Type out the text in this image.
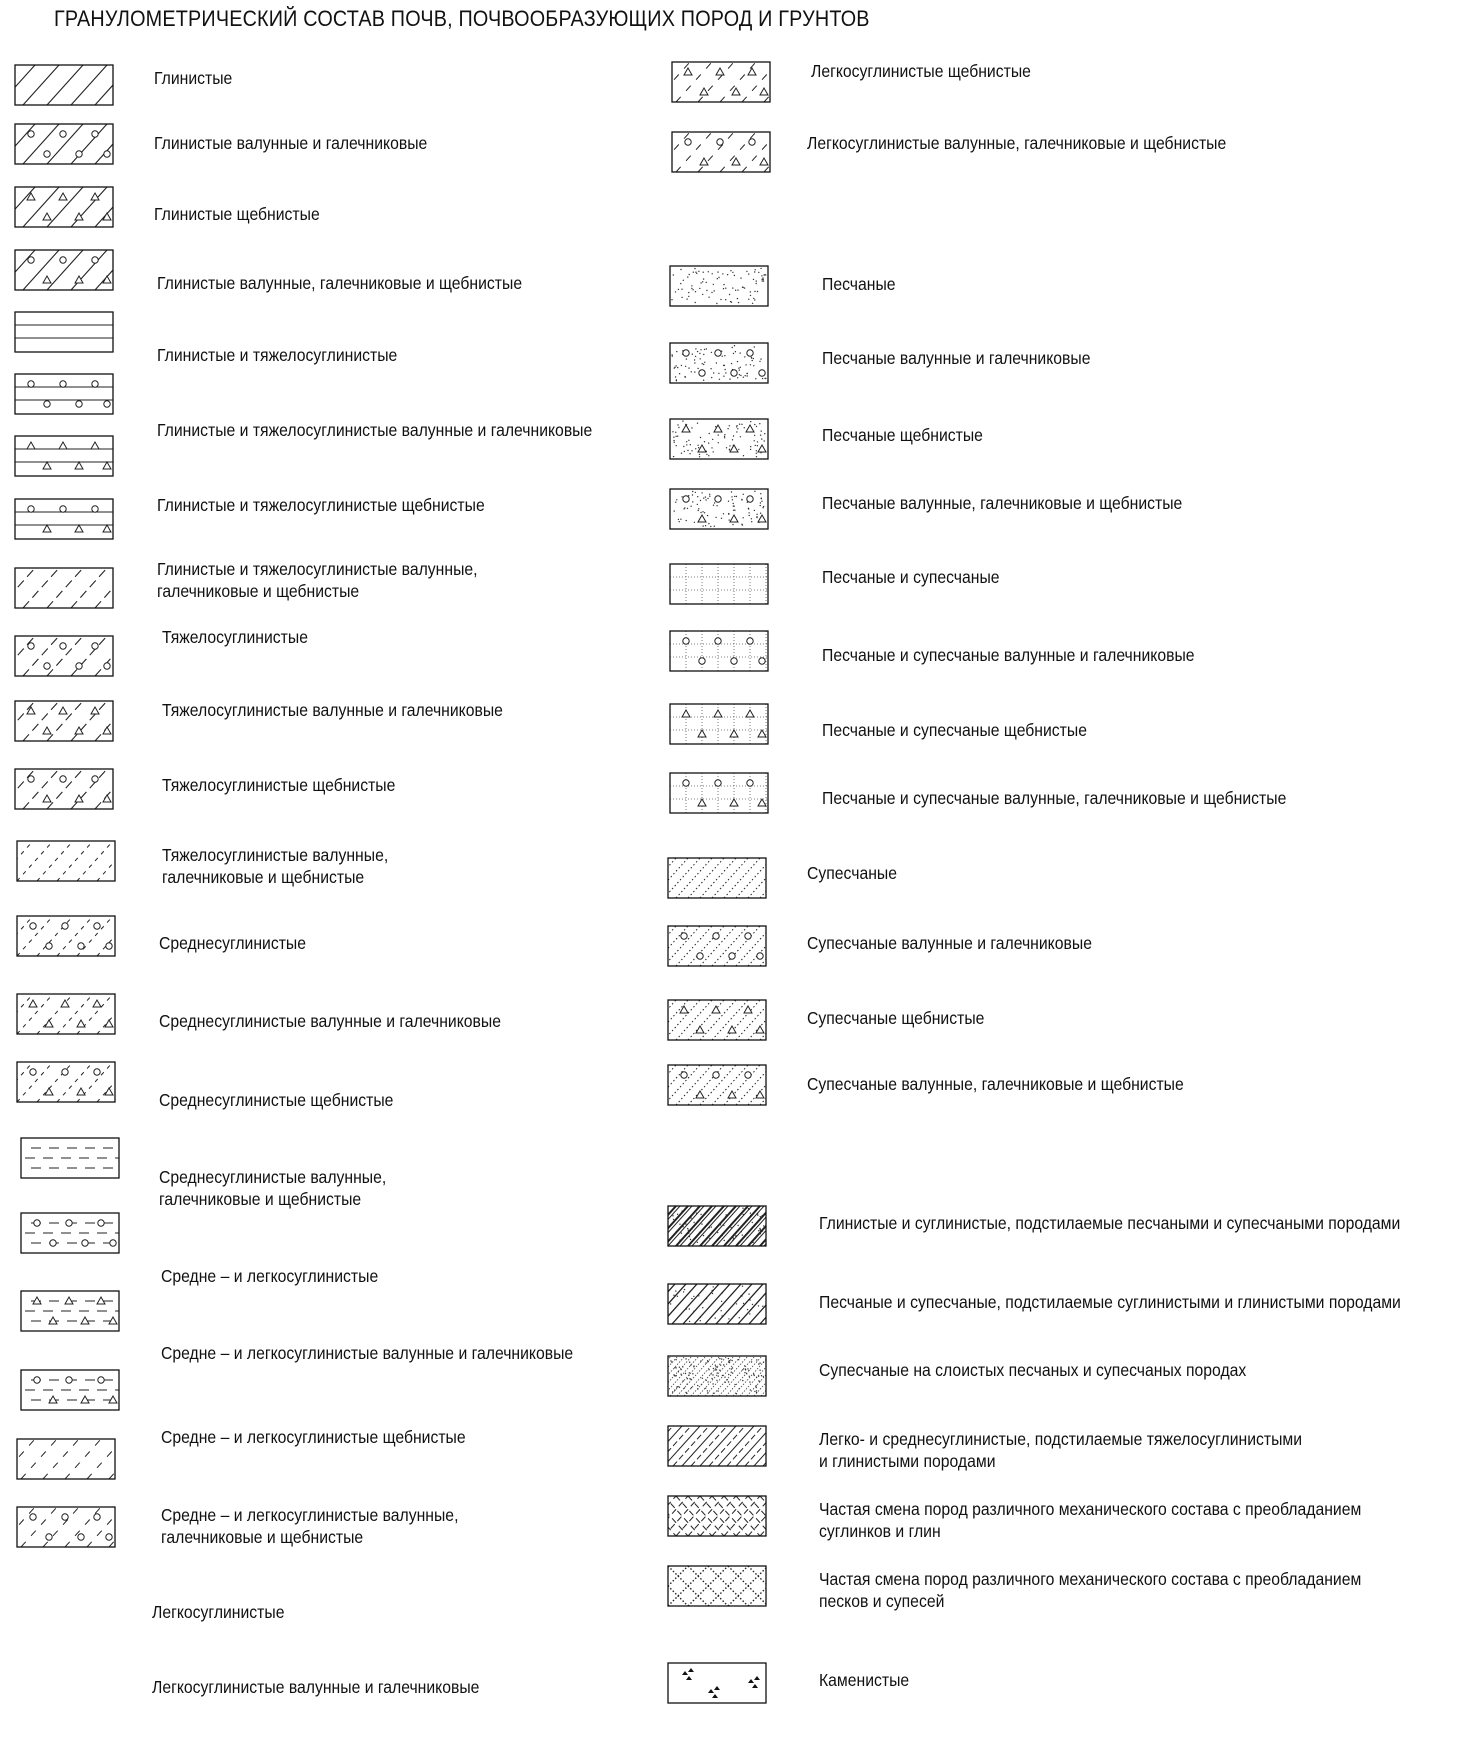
ГРАНУЛОМЕТРИЧЕСКИЙ СОСТАВ ПОЧВ, ПОЧВООБРАЗУЮЩИХ ПОРОД И ГРУНТОВ
Глинистые
Глинистые валунные и галечниковые
Глинистые щебнистые
Глинистые валунные, галечниковые и щебнистые
Глинистые и тяжелосуглинистые
Глинистые и тяжелосуглинистые валунные и галечниковые
Глинистые и тяжелосуглинистые щебнистые
Глинистые и тяжелосуглинистые валунные,
галечниковые и щебнистые
Тяжелосуглинистые
Тяжелосуглинистые валунные и галечниковые
Тяжелосуглинистые щебнистые
Тяжелосуглинистые валунные,
галечниковые и щебнистые
Среднесуглинистые
Среднесуглинистые валунные и галечниковые
Среднесуглинистые щебнистые
Среднесуглинистые валунные,
галечниковые и щебнистые
Средне – и легкосуглинистые
Средне – и легкосуглинистые валунные и галечниковые
Средне – и легкосуглинистые щебнистые
Средне – и легкосуглинистые валунные,
галечниковые и щебнистые
Легкосуглинистые
Легкосуглинистые валунные и галечниковые
Легкосуглинистые щебнистые
Легкосуглинистые валунные, галечниковые и щебнистые
Песчаные
Песчаные валунные и галечниковые
Песчаные щебнистые
Песчаные валунные, галечниковые и щебнистые
Песчаные и супесчаные
Песчаные и супесчаные валунные и галечниковые
Песчаные и супесчаные щебнистые
Песчаные и супесчаные валунные, галечниковые и щебнистые
Супесчаные
Супесчаные валунные и галечниковые
Супесчаные щебнистые
Супесчаные валунные, галечниковые и щебнистые
Глинистые и суглинистые, подстилаемые песчаными и супесчаными породами
Песчаные и супесчаные, подстилаемые суглинистыми и глинистыми породами
Супесчаные на слоистых песчаных и супесчаных породах
Легко- и среднесуглинистые, подстилаемые тяжелосуглинистыми
и глинистыми породами
Частая смена пород различного механического состава с преобладанием
суглинков и глин
Частая смена пород различного механического состава с преобладанием
песков и супесей
Каменистые
